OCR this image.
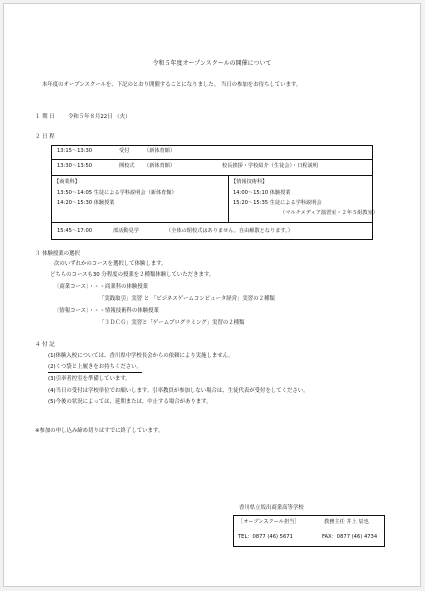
令和５年度オープンスクールの開催について
本年度のオープンスクールを、下記のとおり開催することになりました。 当日の参加をお待ちしています。
１ 期 日 令和５年８月22日 （火）
２ 日 程
13:15～13:30	受付	（新体育館）
13:30～13:50	開校式 （新体育館）	校長挨拶・学校紹介（生徒会）・日程説明
【商業科】
13:50～14:05 生徒による学科説明会（新体育館）
14:20～15:30 体験授業
【情報技術科】
14:00～15:10 体験授業
15:20～15:35 生徒による学科説明会
（マルチメディア演習室・２年５組教室）
15:45～17:00	部活動見学	（全体の閉校式はありません。自由解散となります。）
３ 体験授業の選択
次のいずれかのコースを選択して体験します。
どちらのコースも30 分程度の授業を２種類体験していただきます。
〔商業コース〕・・・商業科の体験授業
「実践取引」実習 と 「ビジネスゲームコンピュータ経営」実習の２種類
〔情報コース〕・・・情報技術科の体験授業
「３ＤＣＧ」実習と「ゲームプログラミング」実習の２種類
４ 付 記
(1)体験入校については、香川県中学校長会からの依頼により実施しません。
(2)くつ袋と上履きをお持ちください。
(3)引率者控室を準備しています。
(4)当日の受付は学校単位でお願いします。引率教員が参加しない場合は、生徒代表が受付をしてください。
(5)今後の状況によっては、延期または、中止する場合があります。
※参加の申し込み締め切りはすでに終了しています。
香川県立坂出商業高等学校
［オープンスクール担当］	教務主任 井上 辰也
TEL：0877 (46) 5671	FAX：0877 (46) 4734
